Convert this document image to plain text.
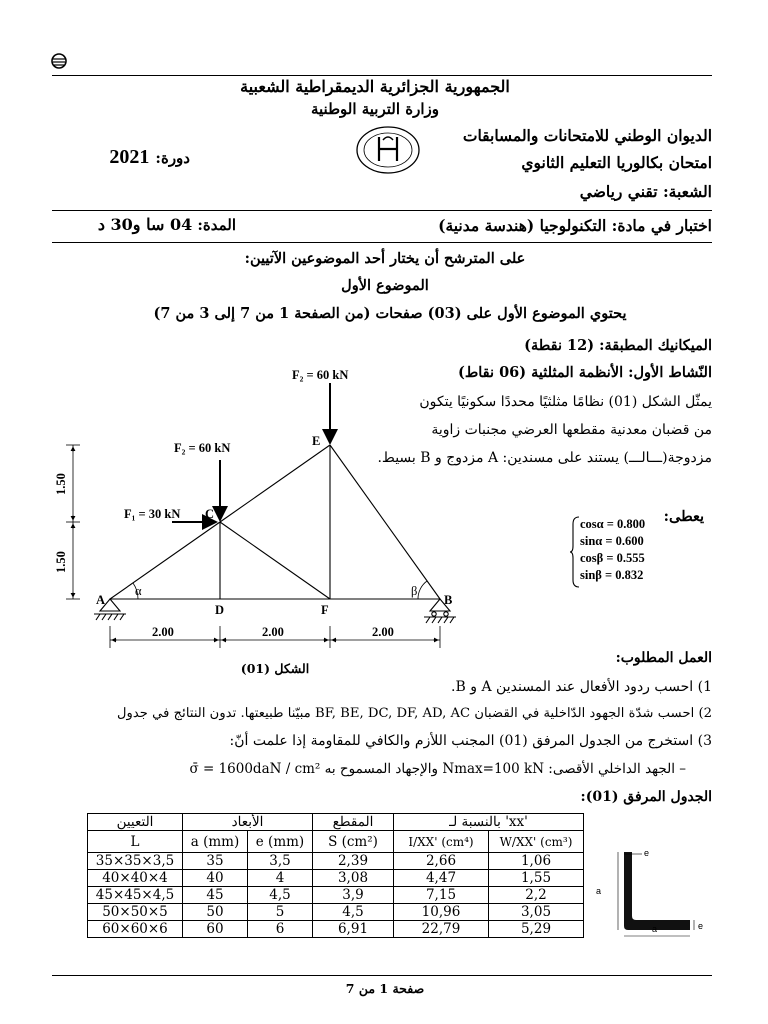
الجمهورية الجزائرية الديمقراطية الشعبية
وزارة التربية الوطنية
الديوان الوطني للامتحانات والمسابقات
امتحان بكالوريا التعليم الثانوي
الشعبة: تقني رياضي
دورة: 2021
اختبار في مادة: التكنولوجيا (هندسة مدنية)
المدة: 04 سا و30 د
على المترشح أن يختار أحد الموضوعين الآتيين:
الموضوع الأول
يحتوي الموضوع الأول على (03) صفحات (من الصفحة 1 من 7 إلى 3 من 7)
الميكانيك المطبقة: (12 نقطة)
النّشاط الأول: الأنظمة المثلثية (06 نقاط)
يمثّل الشكل (01) نظامًا مثلثيًا محددًا سكونيًا يتكون
من قضبان معدنية مقطعها العرضي مجنبات زاوية
مزدوجة(ـــالـــ) يستند على مسندين: A مزدوج و B بسيط.
يعطى:
cosα = 0.800
sinα = 0.600
cosβ = 0.555
sinβ = 0.832
F₂ = 60 kN
F₂ = 60 kN
F₁ = 30 kN
A	B
C
D
E
F
α	β
1.50
1.50
2.00	2.00	2.00
الشكل (01)
العمل المطلوب:
1) احسب ردود الأفعال عند المسندين A و B.
2) احسب شدّة الجهود الدّاخلية في القضبان BF, BE, DC, DF, AD, AC مبيّنا طبيعتها. تدون النتائج في جدول
3) استخرج من الجدول المرفق (01) المجنب اللأزم والكافي للمقاومة إذا علمت أنّ:
– الجهد الداخلي الأقصى: Nmax=100 kN والإجهاد المسموح به σ̄ = 1600daN / cm²
الجدول المرفق (01):
التعيين	الأبعاد		المقطع	بالنسبة لـ 'xx'	
L	a (mm)	e (mm)	S (cm²)	I/XX' (cm⁴)	W/XX' (cm³)
35×35×3,5	35	3,5	2,39	2,66	1,06
40×40×4	40	4	3,08	4,47	1,55
45×45×4,5	45	4,5	3,9	7,15	2,2
50×50×5	50	5	4,5	10,96	3,05
60×60×6	60	6	6,91	22,79	5,29
e
a
e
a
صفحة 1 من 7
